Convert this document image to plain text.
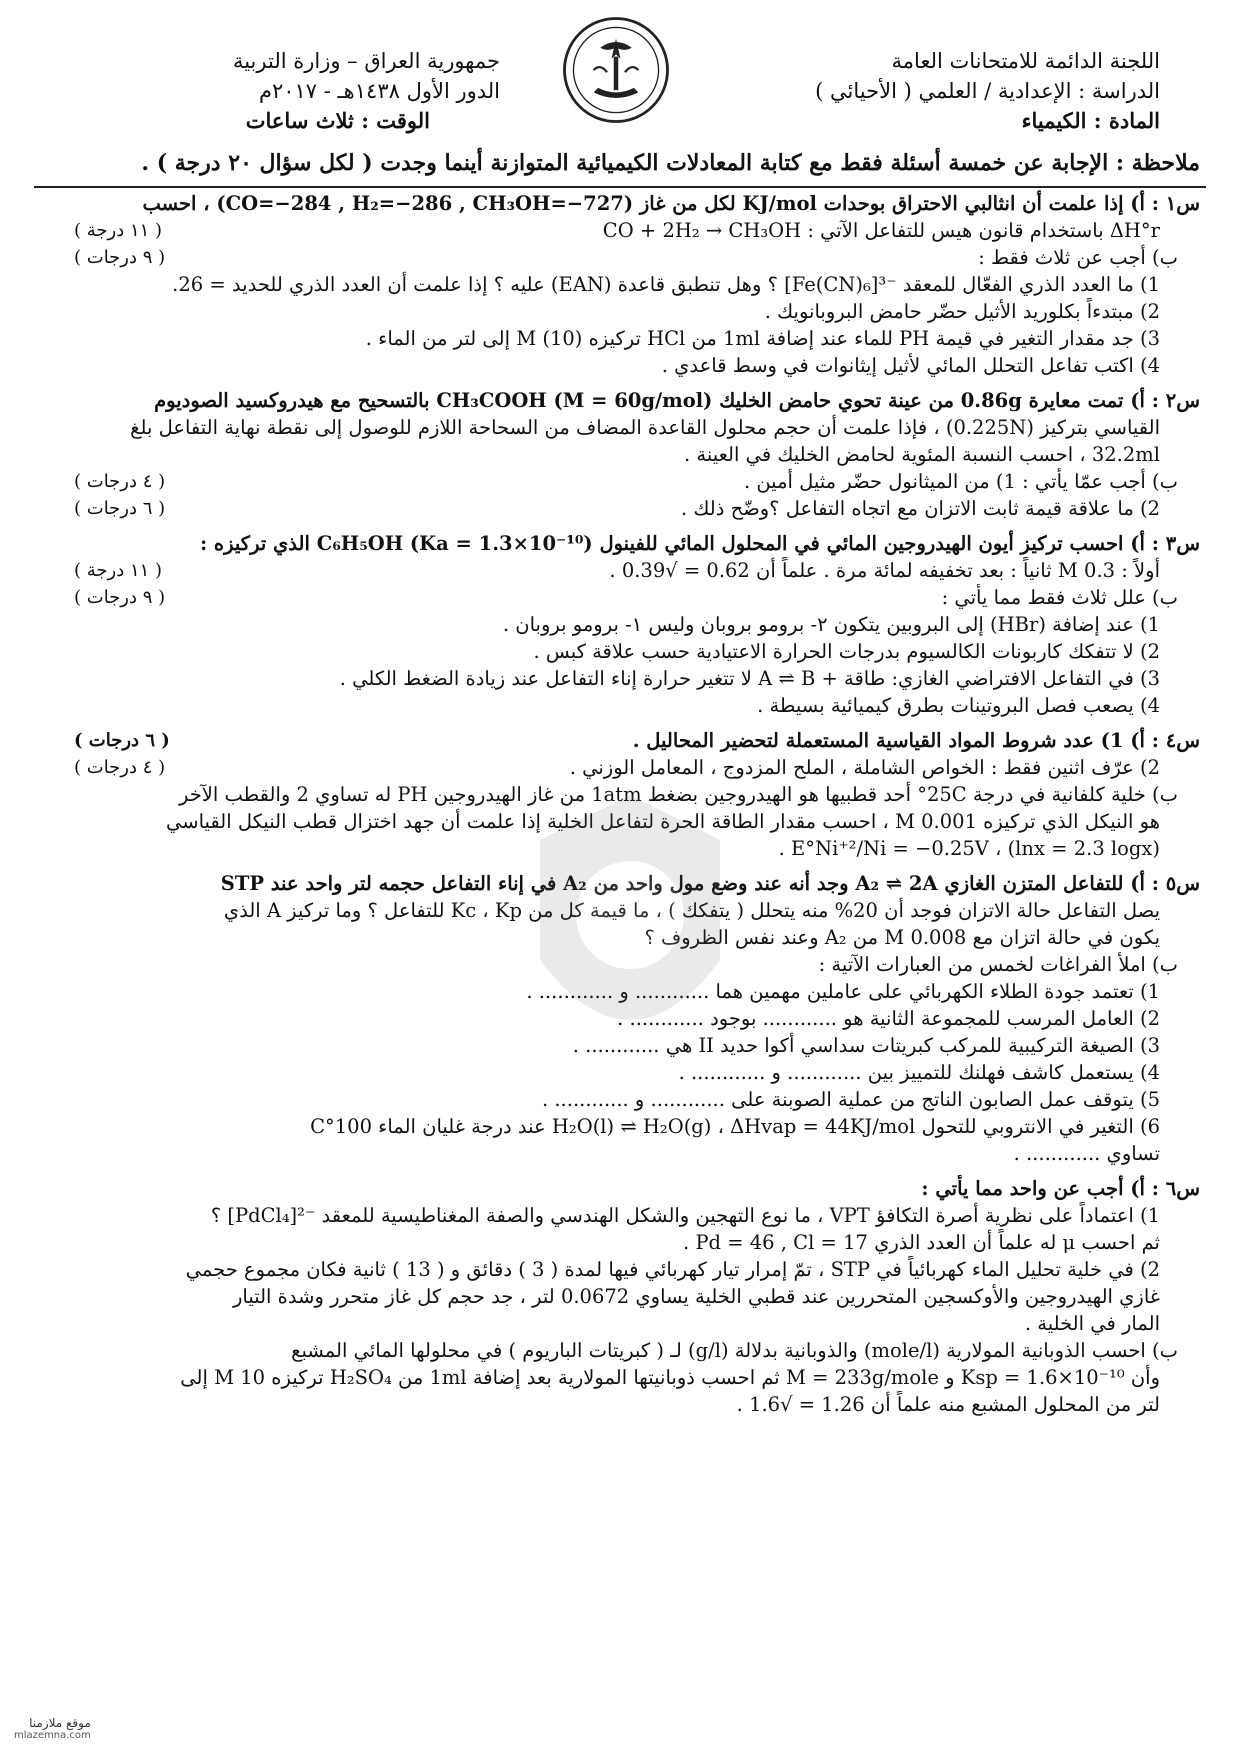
اللجنة الدائمة للامتحانات العامة
الدراسة : الإعدادية / العلمي ( الأحيائي )
المادة : الكيمياء
جمهورية العراق – وزارة التربية
الدور الأول ١٤٣٨هـ - ٢٠١٧م
الوقت : ثلاث ساعات
ملاحظة : الإجابة عن خمسة أسئلة فقط مع كتابة المعادلات الكيميائية المتوازنة أينما وجدت ( لكل سؤال ٢٠ درجة ) .
س١ : أ) إذا علمت أن انثالبي الاحتراق بوحدات KJ/mol لكل من غاز (CO=−284 , H₂=−286 , CH₃OH=−727) ، احسب
ΔH°r باستخدام قانون هيس للتفاعل الآتي : CO + 2H₂ → CH₃OH
( ١١ درجة )
ب) أجب عن ثلاث فقط :
( ٩ درجات )
1) ما العدد الذري الفعّال للمعقد ⁻³[Fe(CN)₆] ؟ وهل تنطبق قاعدة (EAN) عليه ؟ إذا علمت أن العدد الذري للحديد = 26.
2) مبتدءاً بكلوريد الأثيل حضّر حامض البروبانويك .
3) جد مقدار التغير في قيمة PH للماء عند إضافة 1ml من HCl تركيزه M (10) إلى لتر من الماء .
4) اكتب تفاعل التحلل المائي لأثيل إيثانوات في وسط قاعدي .
س٢ : أ) تمت معايرة 0.86g من عينة تحوي حامض الخليك CH₃COOH (M = 60g/mol) بالتسحيح مع هيدروكسيد الصوديوم
القياسي بتركيز (0.225N) ، فإذا علمت أن حجم محلول القاعدة المضاف من السحاحة اللازم للوصول إلى نقطة نهاية التفاعل بلغ
32.2ml ، احسب النسبة المئوية لحامض الخليك في العينة .
ب) أجب عمّا يأتي : 1) من الميثانول حضّر مثيل أمين .
( ٤ درجات )
2) ما علاقة قيمة ثابت الاتزان مع اتجاه التفاعل ؟وضّح ذلك .
( ٦ درجات )
س٣ : أ) احسب تركيز أيون الهيدروجين المائي في المحلول المائي للفينول C₆H₅OH (Ka = 1.3×10⁻¹⁰) الذي تركيزه :
أولاً : M 0.3 ثانياً : بعد تخفيفه لمائة مرة . علماً أن 0.62 = √0.39 .
( ١١ درجة )
ب) علل ثلاث فقط مما يأتي :
( ٩ درجات )
1) عند إضافة (HBr) إلى البروبين يتكون ٢- برومو بروبان وليس ١- برومو بروبان .
2) لا تتفكك كاربونات الكالسيوم بدرجات الحرارة الاعتيادية حسب علاقة كبس .
3) في التفاعل الافتراضي الغازي: طاقة + A ⇌ B لا تتغير حرارة إناء التفاعل عند زيادة الضغط الكلي .
4) يصعب فصل البروتينات بطرق كيميائية بسيطة .
س٤ : أ) 1) عدد شروط المواد القياسية المستعملة لتحضير المحاليل .
( ٦ درجات )
2) عرّف اثنين فقط : الخواص الشاملة ، الملح المزدوج ، المعامل الوزني .
( ٤ درجات )
ب) خلية كلفانية في درجة 25C° أحد قطبيها هو الهيدروجين بضغط 1atm من غاز الهيدروجين PH له تساوي 2 والقطب الآخر
هو النيكل الذي تركيزه M 0.001 ، احسب مقدار الطاقة الحرة لتفاعل الخلية إذا علمت أن جهد اختزال قطب النيكل القياسي
E°Ni⁺²/Ni = −0.25V ، (lnx = 2.3 logx) .
س٥ : أ) للتفاعل المتزن الغازي A₂ ⇌ 2A وجد أنه عند وضع مول واحد من A₂ في إناء التفاعل حجمه لتر واحد عند STP
يصل التفاعل حالة الاتزان فوجد أن 20% منه يتحلل ( يتفكك ) ، ما قيمة كل من Kc ، Kp للتفاعل ؟ وما تركيز A الذي
يكون في حالة اتزان مع M 0.008 من A₂ وعند نفس الظروف ؟
ب) املأ الفراغات لخمس من العبارات الآتية :
1) تعتمد جودة الطلاء الكهربائي على عاملين مهمين هما ............ و ............ .
2) العامل المرسب للمجموعة الثانية هو ............ بوجود ............ .
3) الصيغة التركيبية للمركب كبريتات سداسي أكوا حديد II هي ............ .
4) يستعمل كاشف فهلنك للتمييز بين ............ و ............ .
5) يتوقف عمل الصابون الناتج من عملية الصوبنة على ............ و ............ .
6) التغير في الانتروبي للتحول H₂O(l) ⇌ H₂O(g) ، ΔHvap = 44KJ/mol عند درجة غليان الماء 100°C
تساوي ............ .
س٦ : أ) أجب عن واحد مما يأتي :
1) اعتماداً على نظرية أصرة التكافؤ VPT ، ما نوع التهجين والشكل الهندسي والصفة المغناطيسية للمعقد ⁻²[PdCl₄] ؟
ثم احسب μ له علماً أن العدد الذري Pd = 46 , Cl = 17 .
2) في خلية تحليل الماء كهربائياً في STP ، تمّ إمرار تيار كهربائي فيها لمدة ( 3 ) دقائق و ( 13 ) ثانية فكان مجموع حجمي
غازي الهيدروجين والأوكسجين المتحررين عند قطبي الخلية يساوي 0.0672 لتر ، جد حجم كل غاز متحرر وشدة التيار
المار في الخلية .
ب) احسب الذوبانية المولارية (mole/l) والذوبانية بدلالة (g/l) لـ ( كبريتات الباريوم ) في محلولها المائي المشبع
وأن Ksp = 1.6×10⁻¹⁰ و M = 233g/mole ثم احسب ذوبانيتها المولارية بعد إضافة 1ml من H₂SO₄ تركيزه M 10 إلى
لتر من المحلول المشبع منه علماً أن 1.26 = √1.6 .
موقع ملازمنا
mlazemna.com
